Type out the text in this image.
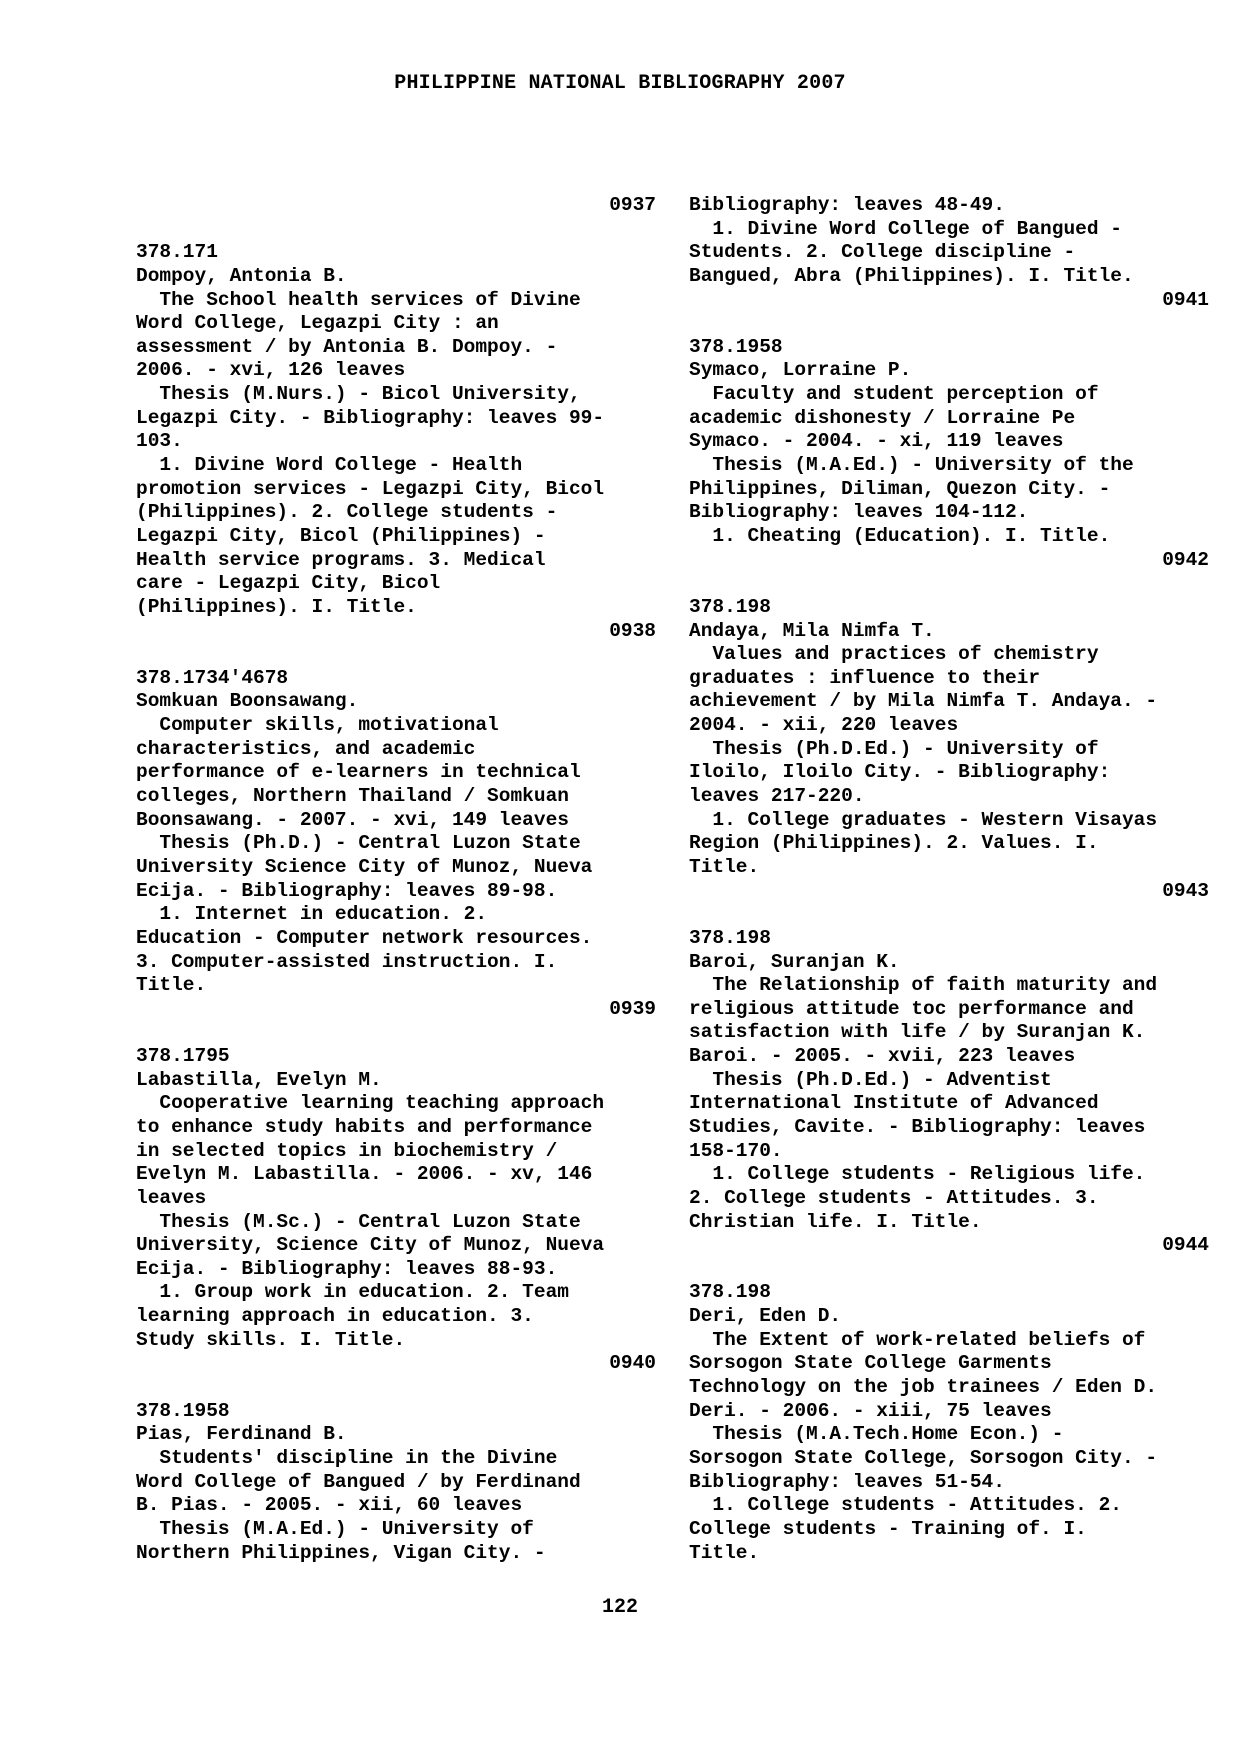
PHILIPPINE NATIONAL BIBLIOGRAPHY 2007
0937
378.171
Dompoy, Antonia B.
The School health services of Divine
Word College, Legazpi City : an
assessment / by Antonia B. Dompoy. -
2006. - xvi, 126 leaves
Thesis (M.Nurs.) - Bicol University,
Legazpi City. - Bibliography: leaves 99-
103.
1. Divine Word College - Health
promotion services - Legazpi City, Bicol
(Philippines). 2. College students -
Legazpi City, Bicol (Philippines) -
Health service programs. 3. Medical
care - Legazpi City, Bicol
(Philippines). I. Title.
0938
378.1734'4678
Somkuan Boonsawang.
Computer skills, motivational
characteristics, and academic
performance of e-learners in technical
colleges, Northern Thailand / Somkuan
Boonsawang. - 2007. - xvi, 149 leaves
Thesis (Ph.D.) - Central Luzon State
University Science City of Munoz, Nueva
Ecija. - Bibliography: leaves 89-98.
1. Internet in education. 2.
Education - Computer network resources.
3. Computer-assisted instruction. I.
Title.
0939
378.1795
Labastilla, Evelyn M.
Cooperative learning teaching approach
to enhance study habits and performance
in selected topics in biochemistry /
Evelyn M. Labastilla. - 2006. - xv, 146
leaves
Thesis (M.Sc.) - Central Luzon State
University, Science City of Munoz, Nueva
Ecija. - Bibliography: leaves 88-93.
1. Group work in education. 2. Team
learning approach in education. 3.
Study skills. I. Title.
0940
378.1958
Pias, Ferdinand B.
Students' discipline in the Divine
Word College of Bangued / by Ferdinand
B. Pias. - 2005. - xii, 60 leaves
Thesis (M.A.Ed.) - University of
Northern Philippines, Vigan City. -
Bibliography: leaves 48-49.
1. Divine Word College of Bangued -
Students. 2. College discipline -
Bangued, Abra (Philippines). I. Title.
0941
378.1958
Symaco, Lorraine P.
Faculty and student perception of
academic dishonesty / Lorraine Pe
Symaco. - 2004. - xi, 119 leaves
Thesis (M.A.Ed.) - University of the
Philippines, Diliman, Quezon City. -
Bibliography: leaves 104-112.
1. Cheating (Education). I. Title.
0942
378.198
Andaya, Mila Nimfa T.
Values and practices of chemistry
graduates : influence to their
achievement / by Mila Nimfa T. Andaya. -
2004. - xii, 220 leaves
Thesis (Ph.D.Ed.) - University of
Iloilo, Iloilo City. - Bibliography:
leaves 217-220.
1. College graduates - Western Visayas
Region (Philippines). 2. Values. I.
Title.
0943
378.198
Baroi, Suranjan K.
The Relationship of faith maturity and
religious attitude toc performance and
satisfaction with life / by Suranjan K.
Baroi. - 2005. - xvii, 223 leaves
Thesis (Ph.D.Ed.) - Adventist
International Institute of Advanced
Studies, Cavite. - Bibliography: leaves
158-170.
1. College students - Religious life.
2. College students - Attitudes. 3.
Christian life. I. Title.
0944
378.198
Deri, Eden D.
The Extent of work-related beliefs of
Sorsogon State College Garments
Technology on the job trainees / Eden D.
Deri. - 2006. - xiii, 75 leaves
Thesis (M.A.Tech.Home Econ.) -
Sorsogon State College, Sorsogon City. -
Bibliography: leaves 51-54.
1. College students - Attitudes. 2.
College students - Training of. I.
Title.
122
